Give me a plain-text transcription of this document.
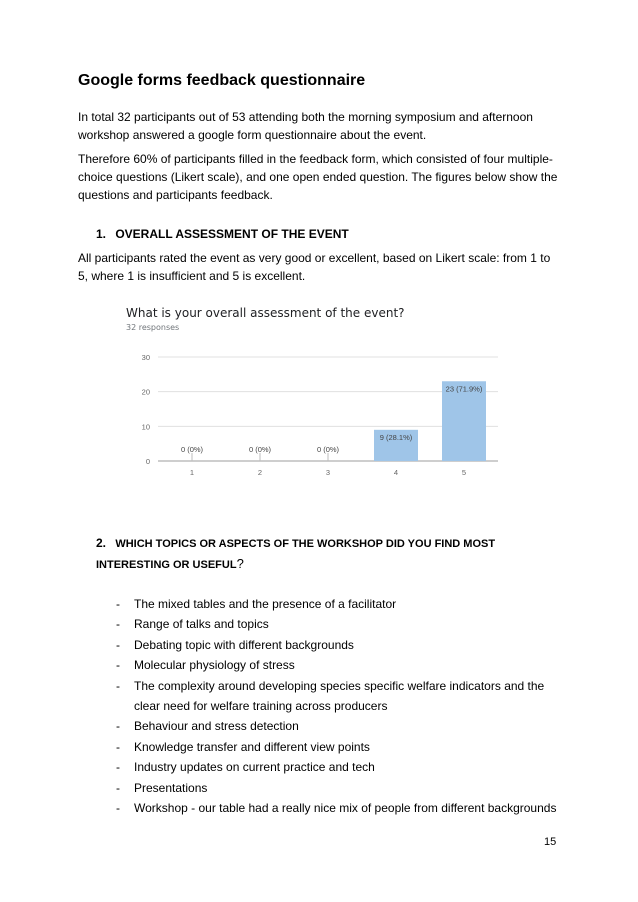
Google forms feedback questionnaire

In total 32 participants out of 53 attending both the morning symposium and afternoon workshop answered a google form questionnaire about the event.

Therefore 60% of participants filled in the feedback form, which consisted of four multiple-choice questions (Likert scale), and one open ended question. The figures below show the questions and participants feedback.

1. OVERALL ASSESSMENT OF THE EVENT

All participants rated the event as very good or excellent, based on Likert scale: from 1 to 5, where 1 is insufficient and 5 is excellent.

What is your overall assessment of the event?
32 responses
0
10
20
30
0 (0%)
1
0 (0%)
2
0 (0%)
3
9 (28.1%)
4
23 (71.9%)
5

2. WHICH TOPICS OR ASPECTS OF THE WORKSHOP DID YOU FIND MOST INTERESTING OR USEFUL?

- The mixed tables and the presence of a facilitator
- Range of talks and topics
- Debating topic with different backgrounds
- Molecular physiology of stress
- The complexity around developing species specific welfare indicators and the clear need for welfare training across producers
- Behaviour and stress detection
- Knowledge transfer and different view points
- Industry updates on current practice and tech
- Presentations
- Workshop - our table had a really nice mix of people from different backgrounds
15
